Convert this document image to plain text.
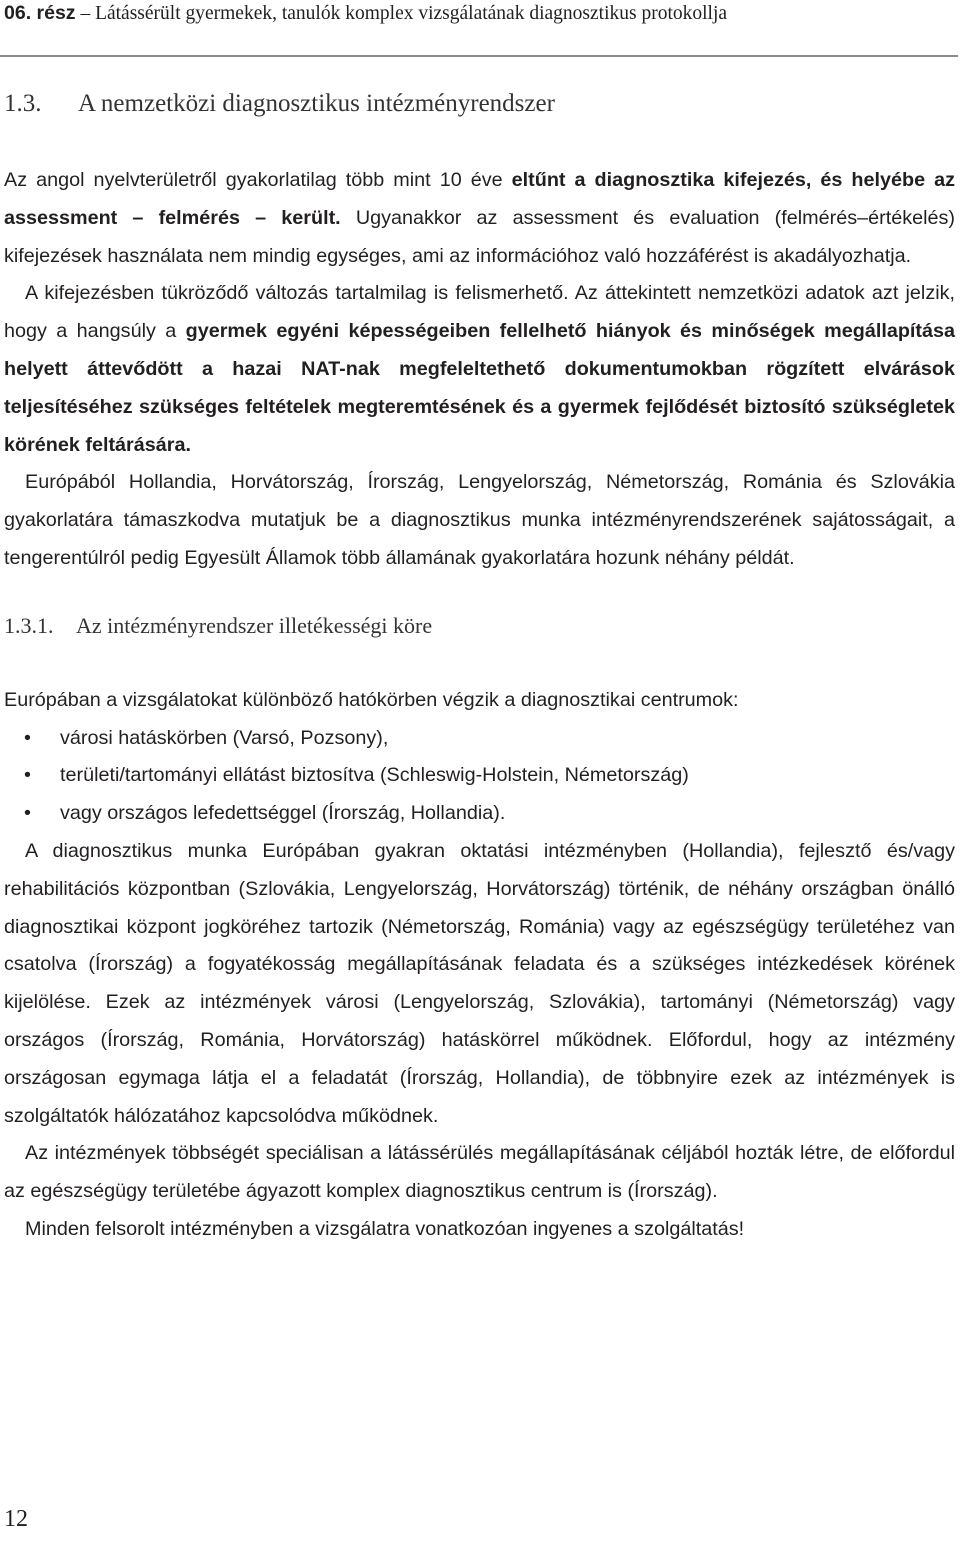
06. rész – Látássérült gyermekek, tanulók komplex vizsgálatának diagnosztikus protokollja
1.3. A nemzetközi diagnosztikus intézményrendszer

Az angol nyelvterületről gyakorlatilag több mint 10 éve eltűnt a diagnosztika kifejezés, és helyébe az assessment – felmérés – került. Ugyanakkor az assessment és evaluation (felmérés–értékelés) kifejezések használata nem mindig egységes, ami az információhoz való hozzáférést is akadályozhatja.

A kifejezésben tükröződő változás tartalmilag is felismerhető. Az áttekintett nemzetközi adatok azt jelzik, hogy a hangsúly a gyermek egyéni képességeiben fellelhető hiányok és minőségek megállapítása helyett áttevődött a hazai NAT-nak megfeleltethető dokumentumokban rögzített elvárások teljesítéséhez szükséges feltételek megteremtésének és a gyermek fejlődését biztosító szükségletek körének feltárására.

Európából Hollandia, Horvátország, Írország, Lengyelország, Németország, Románia és Szlovákia gyakorlatára támaszkodva mutatjuk be a diagnosztikus munka intézményrendszerének sajátosságait, a tengerentúlról pedig Egyesült Államok több államának gyakorlatára hozunk néhány példát.

1.3.1. Az intézményrendszer illetékességi köre

Európában a vizsgálatokat különböző hatókörben végzik a diagnosztikai centrumok:

• városi hatáskörben (Varsó, Pozsony),
• területi/tartományi ellátást biztosítva (Schleswig-Holstein, Németország)
• vagy országos lefedettséggel (Írország, Hollandia).

A diagnosztikus munka Európában gyakran oktatási intézményben (Hollandia), fejlesztő és/vagy rehabilitációs központban (Szlovákia, Lengyelország, Horvátország) történik, de néhány országban önálló diagnosztikai központ jogköréhez tartozik (Németország, Románia) vagy az egészségügy területéhez van csatolva (Írország) a fogyatékosság megállapításának feladata és a szükséges intézkedések körének kijelölése. Ezek az intézmények városi (Lengyelország, Szlovákia), tartományi (Németország) vagy országos (Írország, Románia, Horvátország) hatáskörrel működnek. Előfordul, hogy az intézmény országosan egymaga látja el a feladatát (Írország, Hollandia), de többnyire ezek az intézmények is szolgáltatók hálózatához kapcsolódva működnek.

Az intézmények többségét speciálisan a látássérülés megállapításának céljából hozták létre, de előfordul az egészségügy területébe ágyazott komplex diagnosztikus centrum is (Írország).

Minden felsorolt intézményben a vizsgálatra vonatkozóan ingyenes a szolgáltatás!

12
